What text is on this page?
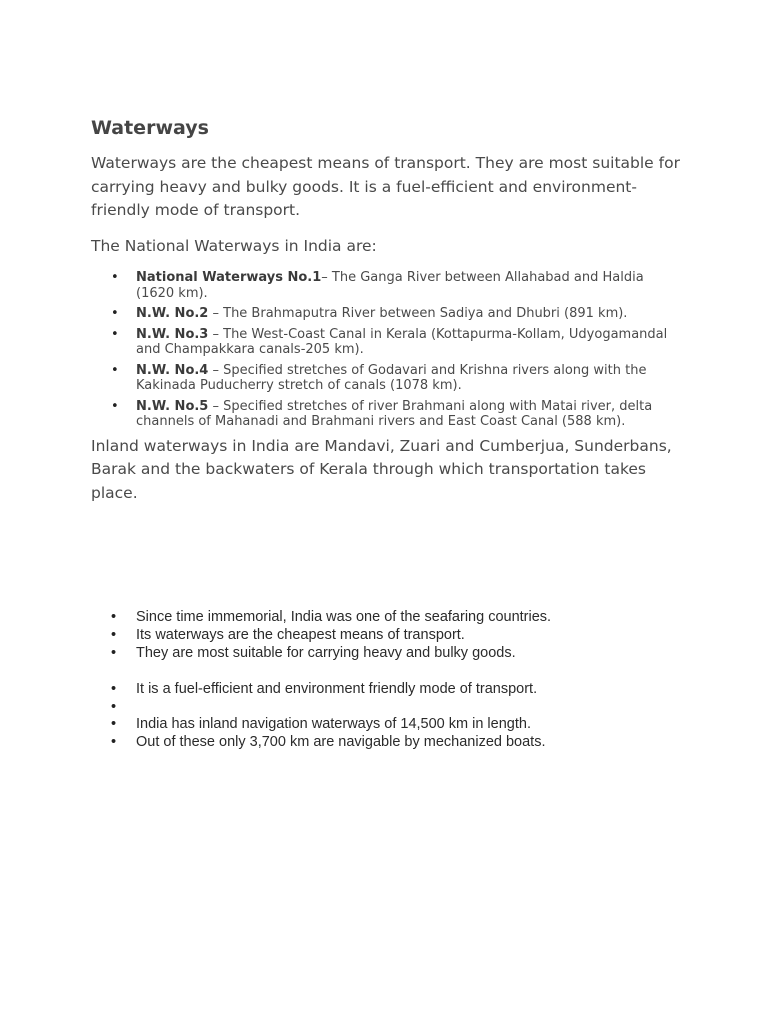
Waterways

Waterways are the cheapest means of transport. They are most suitable for carrying heavy and bulky goods. It is a fuel-efficient and environment-friendly mode of transport.

The National Waterways in India are:

• National Waterways No.1– The Ganga River between Allahabad and Haldia (1620 km).
• N.W. No.2 – The Brahmaputra River between Sadiya and Dhubri (891 km).
• N.W. No.3 – The West-Coast Canal in Kerala (Kottapurma-Kollam, Udyogamandal and Champakkara canals-205 km).
• N.W. No.4 – Specified stretches of Godavari and Krishna rivers along with the Kakinada Puducherry stretch of canals (1078 km).
• N.W. No.5 – Specified stretches of river Brahmani along with Matai river, delta channels of Mahanadi and Brahmani rivers and East Coast Canal (588 km).

Inland waterways in India are Mandavi, Zuari and Cumberjua, Sunderbans, Barak and the backwaters of Kerala through which transportation takes place.

• Since time immemorial, India was one of the seafaring countries.
• Its waterways are the cheapest means of transport.
• They are most suitable for carrying heavy and bulky goods.
• It is a fuel-efficient and environment friendly mode of transport.
•
• India has inland navigation waterways of 14,500 km in length.
• Out of these only 3,700 km are navigable by mechanized boats.
